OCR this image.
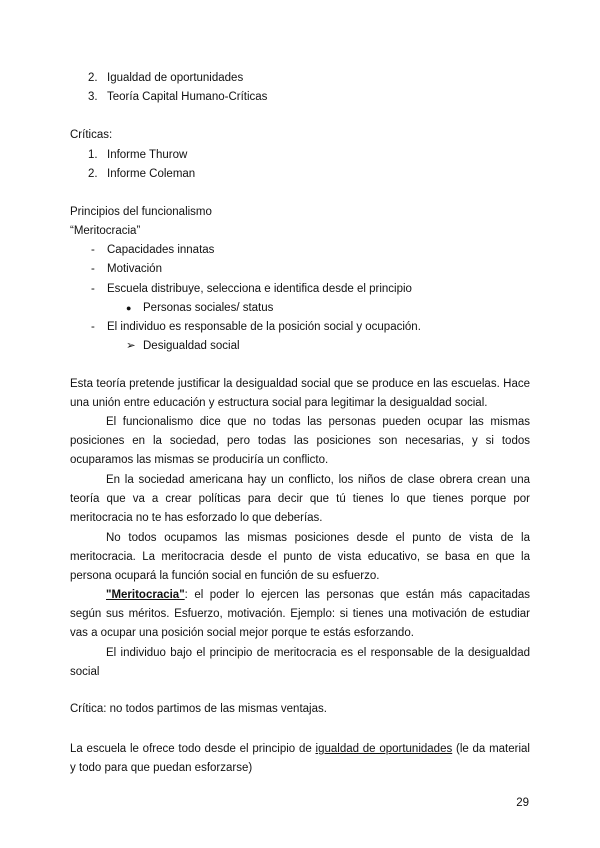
2. Igualdad de oportunidades
3. Teoría Capital Humano-Críticas
Críticas:
1. Informe Thurow
2. Informe Coleman
Principios del funcionalismo
“Meritocracia”
- Capacidades innatas
- Motivación
- Escuela distribuye, selecciona e identifica desde el principio
● Personas sociales/ status
- El individuo es responsable de la posición social y ocupación.
➢ Desigualdad social
Esta teoría pretende justificar la desigualdad social que se produce en las escuelas. Hace una unión entre educación y estructura social para legitimar la desigualdad social.
El funcionalismo dice que no todas las personas pueden ocupar las mismas posiciones en la sociedad, pero todas las posiciones son necesarias, y si todos ocuparamos las mismas se produciría un conflicto.
En la sociedad americana hay un conflicto, los niños de clase obrera crean una teoría que va a crear políticas para decir que tú tienes lo que tienes porque por meritocracia no te has esforzado lo que deberías.
No todos ocupamos las mismas posiciones desde el punto de vista de la meritocracia. La meritocracia desde el punto de vista educativo, se basa en que la persona ocupará la función social en función de su esfuerzo.
"Meritocracia": el poder lo ejercen las personas que están más capacitadas según sus méritos. Esfuerzo, motivación. Ejemplo: si tienes una motivación de estudiar vas a ocupar una posición social mejor porque te estás esforzando.
El individuo bajo el principio de meritocracia es el responsable de la desigualdad social
Crítica: no todos partimos de las mismas ventajas.
La escuela le ofrece todo desde el principio de igualdad de oportunidades (le da material y todo para que puedan esforzarse)
29
